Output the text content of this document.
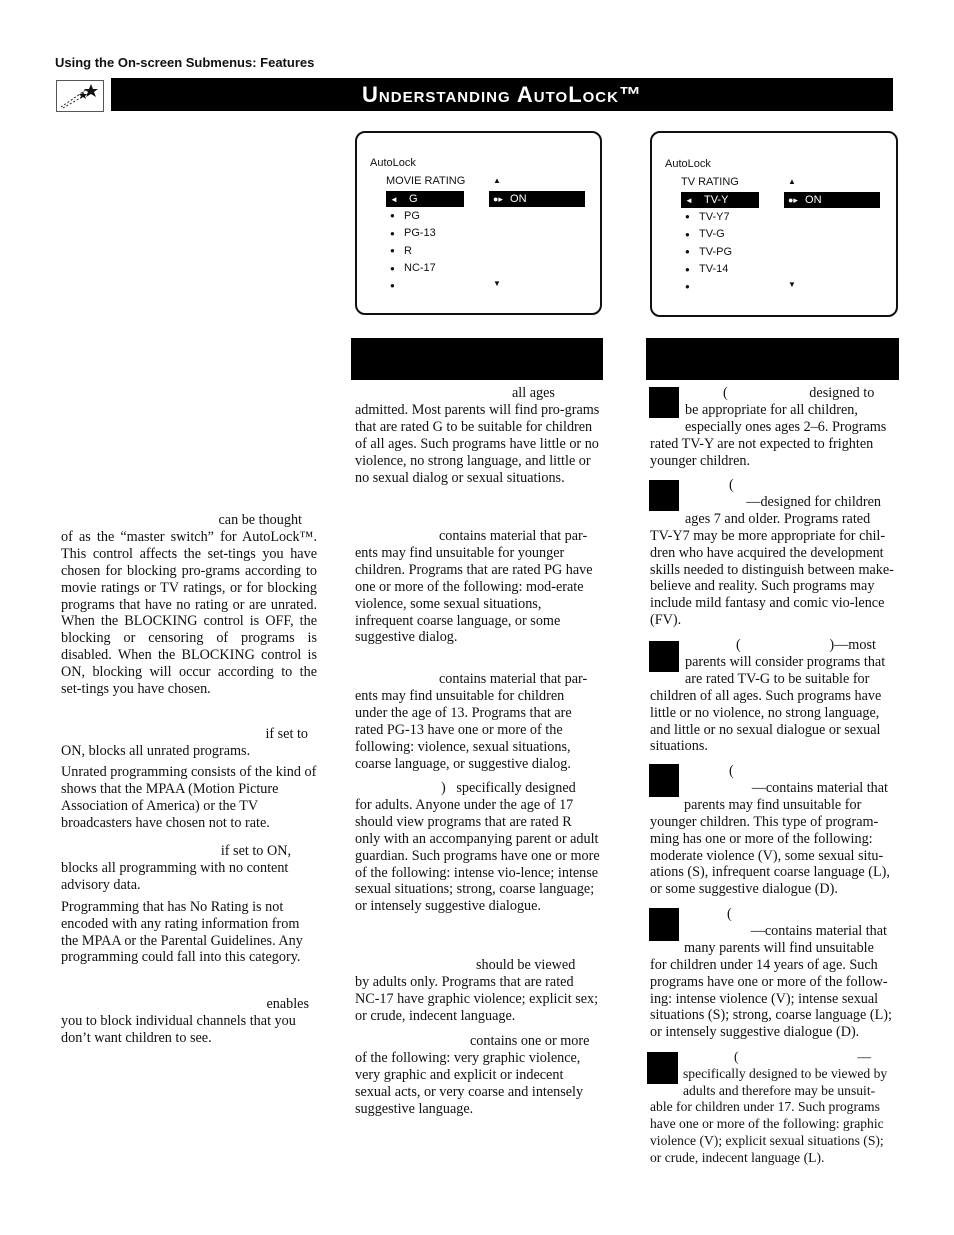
Using the On-screen Submenus: Features
Understanding AutoLock™
AutoLock
MOVIE RATING	▲
◄ G	●▸ ON
● PG
● PG-13
● R
● NC-17
●	▼
AutoLock
TV RATING	▲
◄ TV-Y	●▸ ON
● TV-Y7
● TV-G
● TV-PG
● TV-14
●	▼

can be thought

of as the “master switch” for AutoLock™. This control affects the set-tings you have chosen for blocking pro-grams according to movie ratings or TV ratings, or for blocking programs that have no rating or are unrated. When the BLOCKING control is OFF, the blocking or censoring of programs is disabled. When the BLOCKING control is ON, blocking will occur according to the set-tings you have chosen.

if set to

ON, blocks all unrated programs.

Unrated programming consists of the kind of shows that the MPAA (Motion Picture Association of America) or the TV broadcasters have chosen not to rate.

if set to ON,

blocks all programming with no content advisory data.

Programming that has No Rating is not encoded with any rating information from the MPAA or the Parental Guidelines. Any programming could fall into this category.

enables

you to block individual channels that you don’t want children to see.

all ages

admitted. Most parents will find pro-grams that are rated G to be suitable for children of all ages. Such programs have little or no violence, no strong language, and little or no sexual dialog or sexual situations.

contains material that par-

ents may find unsuitable for younger children. Programs that are rated PG have one or more of the following: mod-erate violence, some sexual situations, infrequent coarse language, or some suggestive dialog.

contains material that par-

ents may find unsuitable for children under the age of 13. Programs that are rated PG-13 have one or more of the following: violence, sexual situations, coarse language, or suggestive dialog.

)   specifically designed

for adults. Anyone under the age of 17 should view programs that are rated R only with an accompanying parent or adult guardian. Such programs have one or more of the following: intense vio-lence; intense sexual situations; strong, coarse language; or intensely suggestive dialogue.

should be viewed

by adults only. Programs that are rated NC-17 have graphic violence; explicit sex; or crude, indecent language.

contains one or more

of the following: very graphic violence, very graphic and explicit or indecent sexual acts, or very coarse and intensely suggestive language.

(                       designed to

be appropriate for all children, especially ones ages 2–6. Programs

rated TV-Y are not expected to frighten younger children.

(

—designed for children

ages 7 and older. Programs rated

TV-Y7 may be more appropriate for chil-dren who have acquired the development skills needed to distinguish between make-believe and reality. Such programs may include mild fantasy and comic vio-lence (FV).

(                         )—most

parents will consider programs that are rated TV-G to be suitable for

children of all ages. Such programs have little or no violence, no strong language, and little or no sexual dialogue or sexual situations.

(

—contains material that

parents may find unsuitable for

younger children. This type of program-ming has one or more of the following: moderate violence (V), some sexual situ-ations (S), infrequent coarse language (L), or some suggestive dialogue (D).

(

—contains material that

many parents will find unsuitable

for children under 14 years of age. Such programs have one or more of the follow-ing: intense violence (V); intense sexual situations (S); strong, coarse language (L); or intensely suggestive dialogue (D).

(                                   —

specifically designed to be viewed by adults and therefore may be unsuit-

able for children under 17. Such programs have one or more of the following: graphic violence (V); explicit sexual situations (S); or crude, indecent language (L).
